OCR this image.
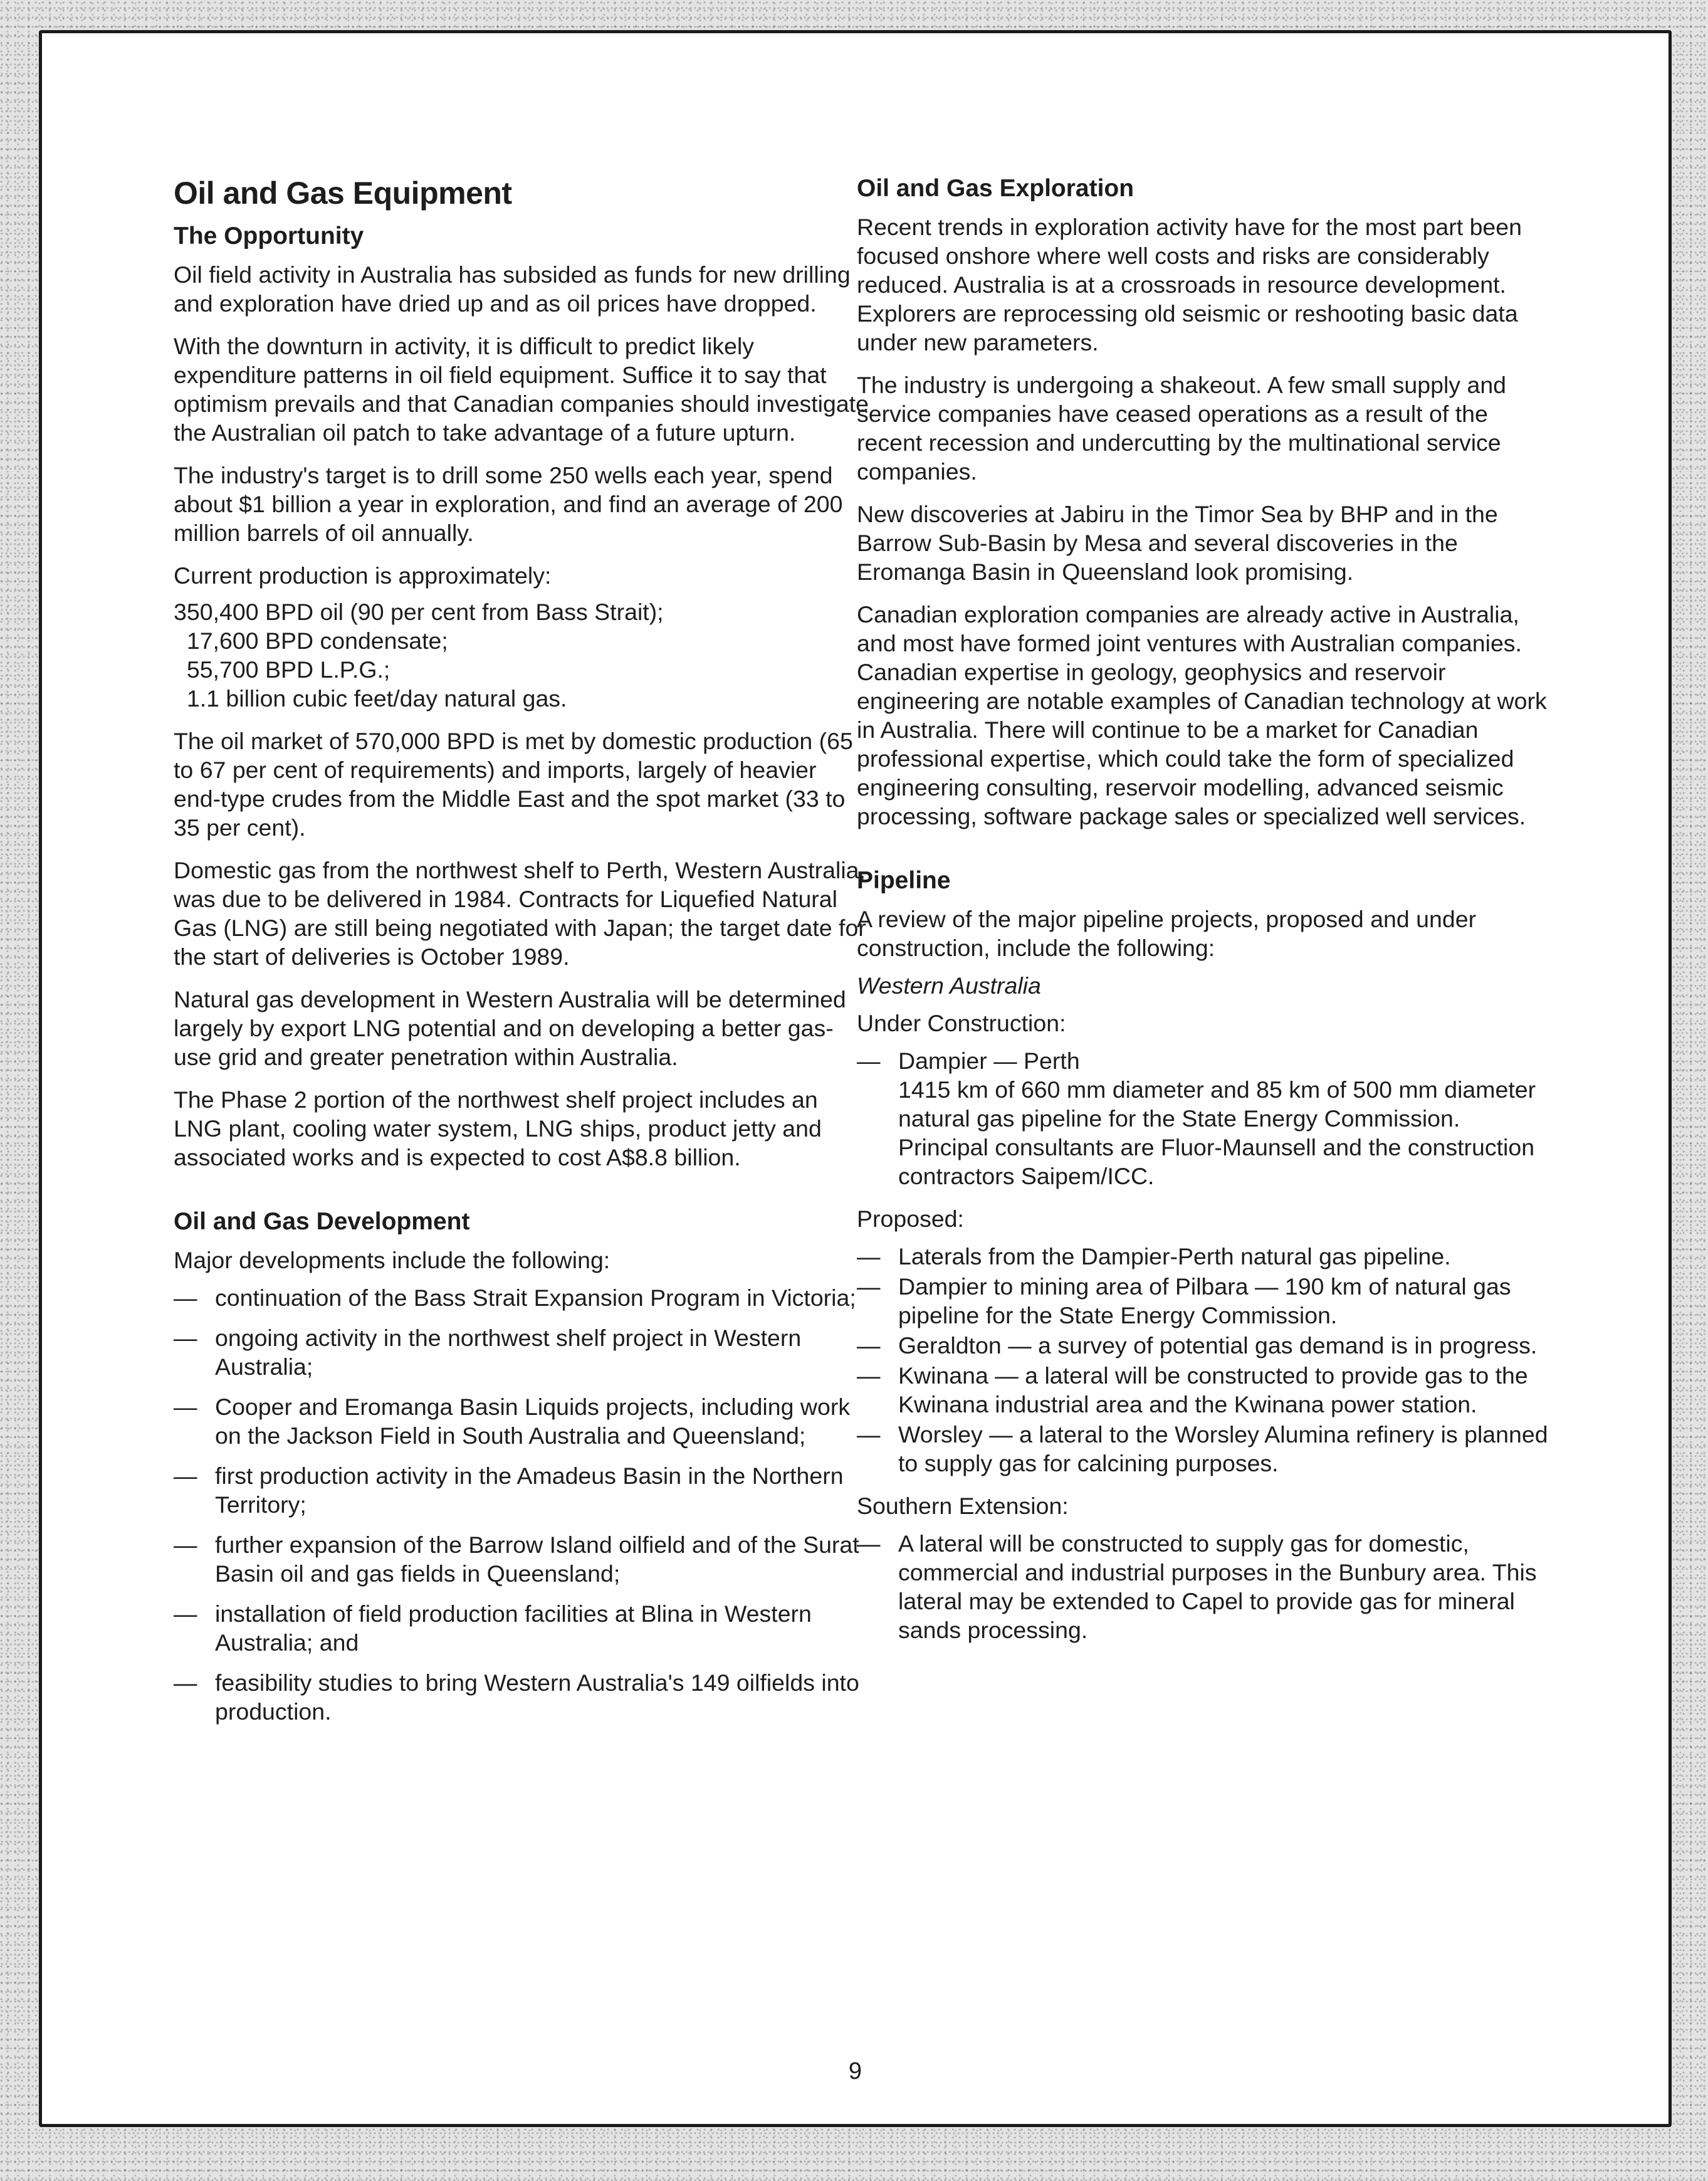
Oil and Gas Equipment
The Opportunity

Oil field activity in Australia has subsided as funds for new drilling and exploration have dried up and as oil prices have dropped.

With the downturn in activity, it is difficult to predict likely expenditure patterns in oil field equipment. Suffice it to say that optimism prevails and that Canadian companies should investigate the Australian oil patch to take advantage of a future upturn.

The industry's target is to drill some 250 wells each year, spend about $1 billion a year in exploration, and find an average of 200 million barrels of oil annually.

Current production is approximately:

350,400 BPD oil (90 per cent from Bass Strait);
17,600 BPD condensate;
55,700 BPD L.P.G.;
1.1 billion cubic feet/day natural gas.

The oil market of 570,000 BPD is met by domestic production (65 to 67 per cent of requirements) and imports, largely of heavier end-type crudes from the Middle East and the spot market (33 to 35 per cent).

Domestic gas from the northwest shelf to Perth, Western Australia, was due to be delivered in 1984. Contracts for Liquefied Natural Gas (LNG) are still being negotiated with Japan; the target date for the start of deliveries is October 1989.

Natural gas development in Western Australia will be determined largely by export LNG potential and on developing a better gas-use grid and greater penetration within Australia.

The Phase 2 portion of the northwest shelf project includes an LNG plant, cooling water system, LNG ships, product jetty and associated works and is expected to cost A$8.8 billion.

Oil and Gas Development

Major developments include the following:

— continuation of the Bass Strait Expansion Program in Victoria;
— ongoing activity in the northwest shelf project in Western Australia;
— Cooper and Eromanga Basin Liquids projects, including work on the Jackson Field in South Australia and Queensland;
— first production activity in the Amadeus Basin in the Northern Territory;
— further expansion of the Barrow Island oilfield and of the Surat Basin oil and gas fields in Queensland;
— installation of field production facilities at Blina in Western Australia; and
— feasibility studies to bring Western Australia's 149 oilfields into production.
Oil and Gas Exploration

Recent trends in exploration activity have for the most part been focused onshore where well costs and risks are considerably reduced. Australia is at a crossroads in resource development. Explorers are reprocessing old seismic or reshooting basic data under new parameters.

The industry is undergoing a shakeout. A few small supply and service companies have ceased operations as a result of the recent recession and undercutting by the multinational service companies.

New discoveries at Jabiru in the Timor Sea by BHP and in the Barrow Sub-Basin by Mesa and several discoveries in the Eromanga Basin in Queensland look promising.

Canadian exploration companies are already active in Australia, and most have formed joint ventures with Australian companies. Canadian expertise in geology, geophysics and reservoir engineering are notable examples of Canadian technology at work in Australia. There will continue to be a market for Canadian professional expertise, which could take the form of specialized engineering consulting, reservoir modelling, advanced seismic processing, software package sales or specialized well services.

Pipeline

A review of the major pipeline projects, proposed and under construction, include the following:

Western Australia

Under Construction:

— Dampier — Perth
1415 km of 660 mm diameter and 85 km of 500 mm diameter natural gas pipeline for the State Energy Commission. Principal consultants are Fluor-Maunsell and the construction contractors Saipem/ICC.

Proposed:

— Laterals from the Dampier-Perth natural gas pipeline.
— Dampier to mining area of Pilbara — 190 km of natural gas pipeline for the State Energy Commission.
— Geraldton — a survey of potential gas demand is in progress.
— Kwinana — a lateral will be constructed to provide gas to the Kwinana industrial area and the Kwinana power station.
— Worsley — a lateral to the Worsley Alumina refinery is planned to supply gas for calcining purposes.

Southern Extension:

— A lateral will be constructed to supply gas for domestic, commercial and industrial purposes in the Bunbury area. This lateral may be extended to Capel to provide gas for mineral sands processing.
9
